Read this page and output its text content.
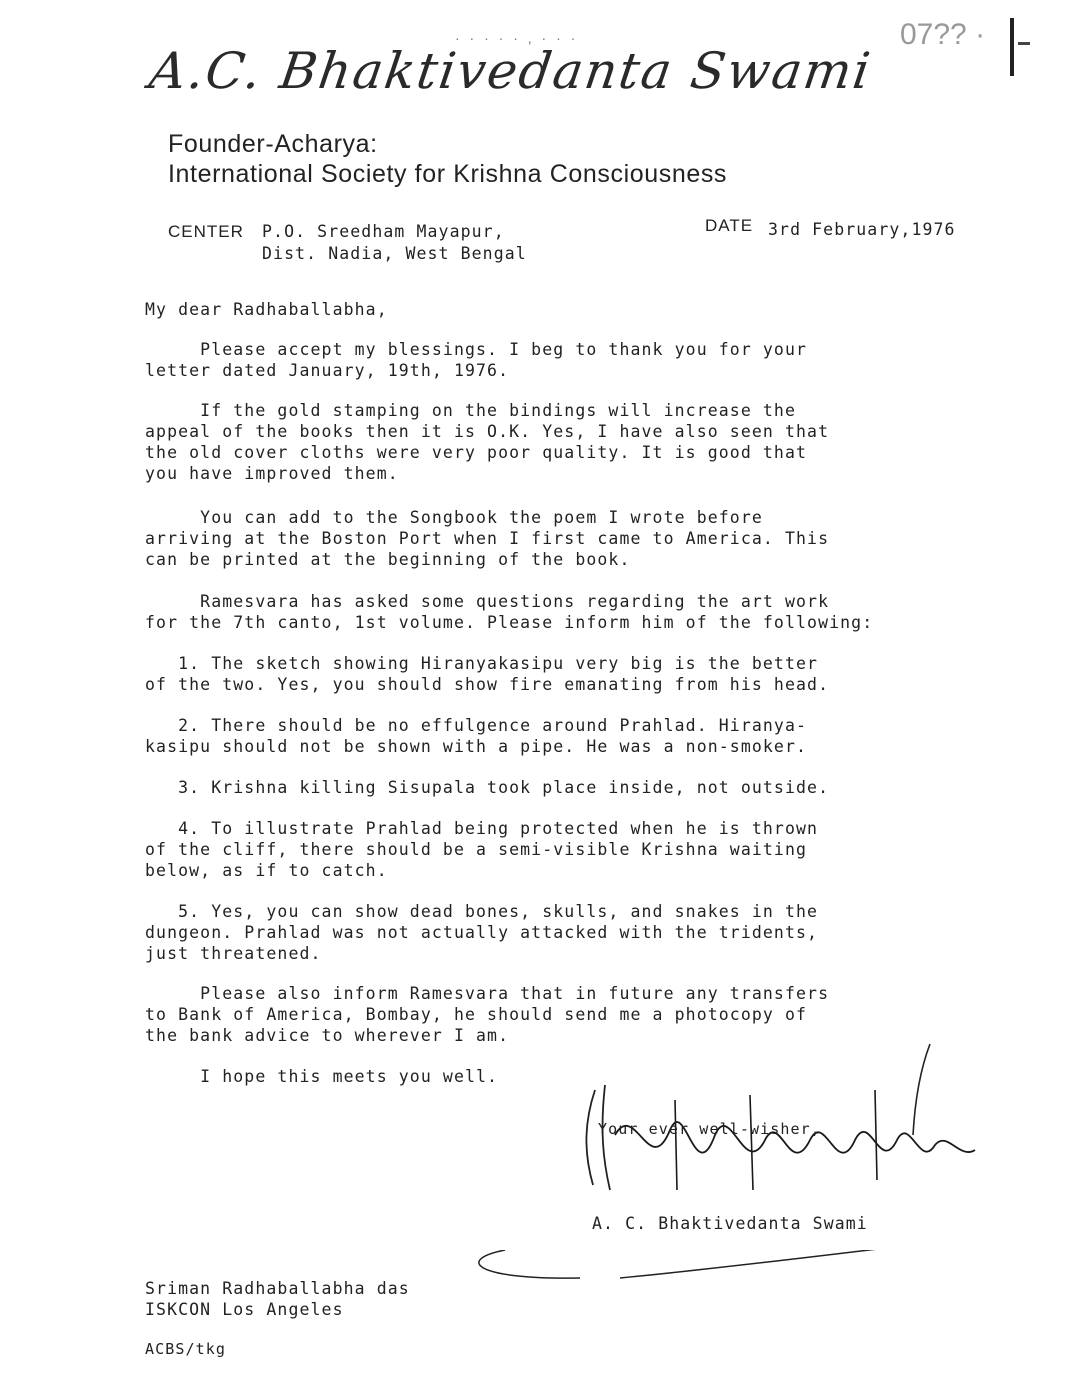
· · · · · , · · ·	07?? ·
A.C. Bhaktivedanta Swami
Founder-Acharya:
International Society for Krishna Consciousness
CENTER P.O. Sreedham Mayapur,
Dist. Nadia, West Bengal
DATE 3rd February,1976
My dear Radhaballabha,
Please accept my blessings. I beg to thank you for your
letter dated January, 19th, 1976.
If the gold stamping on the bindings will increase the
appeal of the books then it is O.K. Yes, I have also seen that
the old cover cloths were very poor quality. It is good that
you have improved them.
You can add to the Songbook the poem I wrote before
arriving at the Boston Port when I first came to America. This
can be printed at the beginning of the book.
Ramesvara has asked some questions regarding the art work
for the 7th canto, 1st volume. Please inform him of the following:
1. The sketch showing Hiranyakasipu very big is the better
of the two. Yes, you should show fire emanating from his head.
2. There should be no effulgence around Prahlad. Hiranya-
kasipu should not be shown with a pipe. He was a non-smoker.
3. Krishna killing Sisupala took place inside, not outside.
4. To illustrate Prahlad being protected when he is thrown
of the cliff, there should be a semi-visible Krishna waiting
below, as if to catch.
5. Yes, you can show dead bones, skulls, and snakes in the
dungeon. Prahlad was not actually attacked with the tridents,
just threatened.
Please also inform Ramesvara that in future any transfers
to Bank of America, Bombay, he should send me a photocopy of
the bank advice to wherever I am.
I hope this meets you well.
Your ever well-wisher,
A. C. Bhaktivedanta Swami
Sriman Radhaballabha das
ISKCON Los Angeles
ACBS/tkg
